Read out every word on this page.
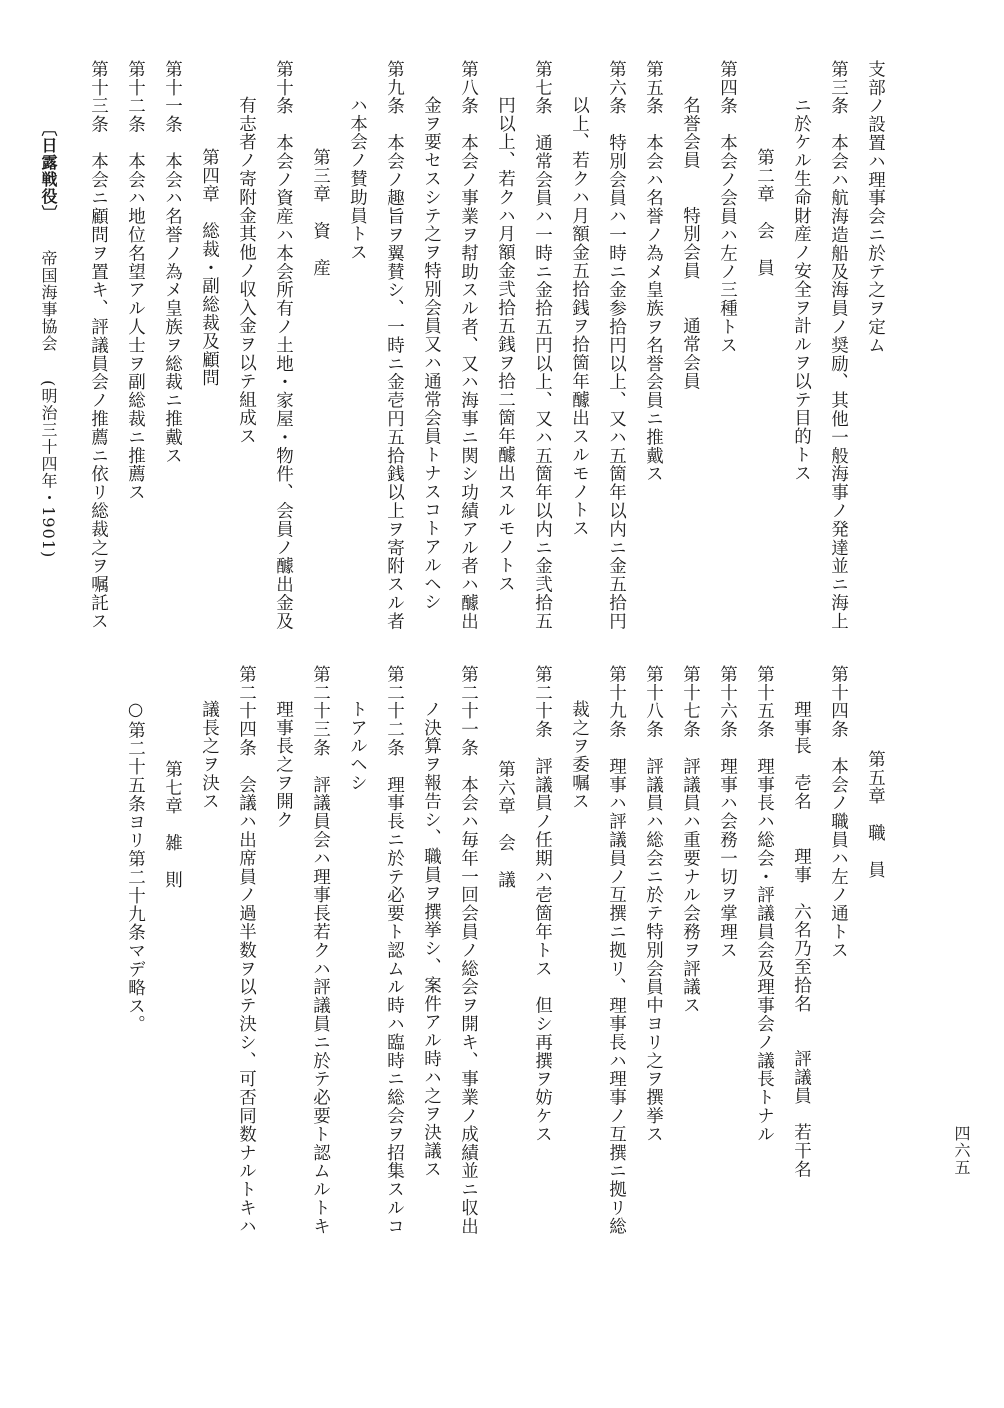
支部ノ設置ハ理事会ニ於テ之ヲ定ム
第三条　本会ハ航海造船及海員ノ奨励、其他一般海事ノ発達並ニ海上
ニ於ケル生命財産ノ安全ヲ計ルヲ以テ目的トス
第二章　会　員
第四条　本会ノ会員ハ左ノ三種トス
名誉会員　　特別会員　　通常会員
第五条　本会ハ名誉ノ為メ皇族ヲ名誉会員ニ推戴ス
第六条　特別会員ハ一時ニ金参拾円以上、又ハ五箇年以内ニ金五拾円
以上、若クハ月額金五拾銭ヲ拾箇年醵出スルモノトス
第七条　通常会員ハ一時ニ金拾五円以上、又ハ五箇年以内ニ金弐拾五
円以上、若クハ月額金弐拾五銭ヲ拾二箇年醵出スルモノトス
第八条　本会ノ事業ヲ幇助スル者、又ハ海事ニ関シ功績アル者ハ醵出
金ヲ要セスシテ之ヲ特別会員又ハ通常会員トナスコトアルヘシ
第九条　本会ノ趣旨ヲ翼賛シ、一時ニ金壱円五拾銭以上ヲ寄附スル者
ハ本会ノ賛助員トス
第三章　資　産
第十条　本会ノ資産ハ本会所有ノ土地・家屋・物件、会員ノ醵出金及
有志者ノ寄附金其他ノ収入金ヲ以テ組成ス
第四章　総裁・副総裁及顧問
第十一条　本会ハ名誉ノ為メ皇族ヲ総裁ニ推戴ス
第十二条　本会ハ地位名望アル人士ヲ副総裁ニ推薦ス
第十三条　本会ニ顧問ヲ置キ、評議員会ノ推薦ニ依リ総裁之ヲ嘱託ス
〔日露戦役〕帝国海事協会(明治三十四年・1901)
第五章　職　員
第十四条　本会ノ職員ハ左ノ通トス
理事長　壱名　　理事　六名乃至拾名　　評議員　若干名
第十五条　理事長ハ総会・評議員会及理事会ノ議長トナル
第十六条　理事ハ会務一切ヲ掌理ス
第十七条　評議員ハ重要ナル会務ヲ評議ス
第十八条　評議員ハ総会ニ於テ特別会員中ヨリ之ヲ撰挙ス
第十九条　理事ハ評議員ノ互撰ニ拠リ、理事長ハ理事ノ互撰ニ拠リ総
裁之ヲ委嘱ス
第二十条　評議員ノ任期ハ壱箇年トス　但シ再撰ヲ妨ケス
第六章　会　議
第二十一条　本会ハ毎年一回会員ノ総会ヲ開キ、事業ノ成績並ニ収出
ノ決算ヲ報告シ、職員ヲ撰挙シ、案件アル時ハ之ヲ決議ス
第二十二条　理事長ニ於テ必要ト認ムル時ハ臨時ニ総会ヲ招集スルコ
トアルヘシ
第二十三条　評議員会ハ理事長若クハ評議員ニ於テ必要ト認ムルトキ
理事長之ヲ開ク
第二十四条　会議ハ出席員ノ過半数ヲ以テ決シ、可否同数ナルトキハ
議長之ヲ決ス
第七章　雑　則
○第二十五条ヨリ第二十九条マデ略ス。
四六五
